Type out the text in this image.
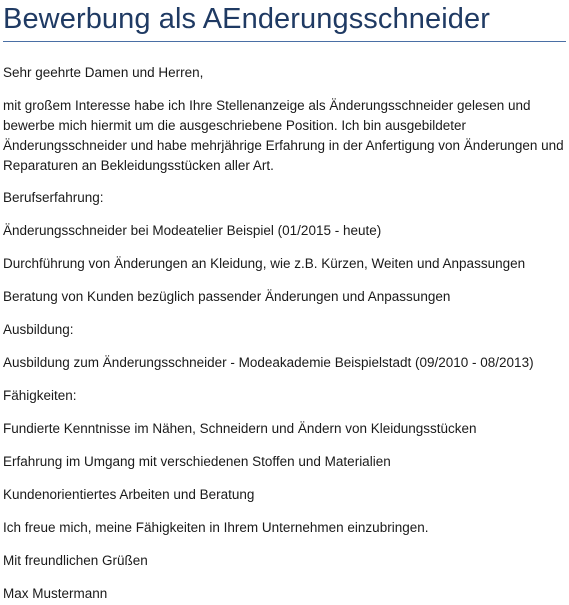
Bewerbung als AEnderungsschneider

Sehr geehrte Damen und Herren,

mit großem Interesse habe ich Ihre Stellenanzeige als Änderungsschneider gelesen und bewerbe mich hiermit um die ausgeschriebene Position. Ich bin ausgebildeter Änderungsschneider und habe mehrjährige Erfahrung in der Anfertigung von Änderungen und Reparaturen an Bekleidungsstücken aller Art.

Berufserfahrung:

Änderungsschneider bei Modeatelier Beispiel (01/2015 - heute)

Durchführung von Änderungen an Kleidung, wie z.B. Kürzen, Weiten und Anpassungen

Beratung von Kunden bezüglich passender Änderungen und Anpassungen

Ausbildung:

Ausbildung zum Änderungsschneider - Modeakademie Beispielstadt (09/2010 - 08/2013)

Fähigkeiten:

Fundierte Kenntnisse im Nähen, Schneidern und Ändern von Kleidungsstücken

Erfahrung im Umgang mit verschiedenen Stoffen und Materialien

Kundenorientiertes Arbeiten und Beratung

Ich freue mich, meine Fähigkeiten in Ihrem Unternehmen einzubringen.

Mit freundlichen Grüßen

Max Mustermann
